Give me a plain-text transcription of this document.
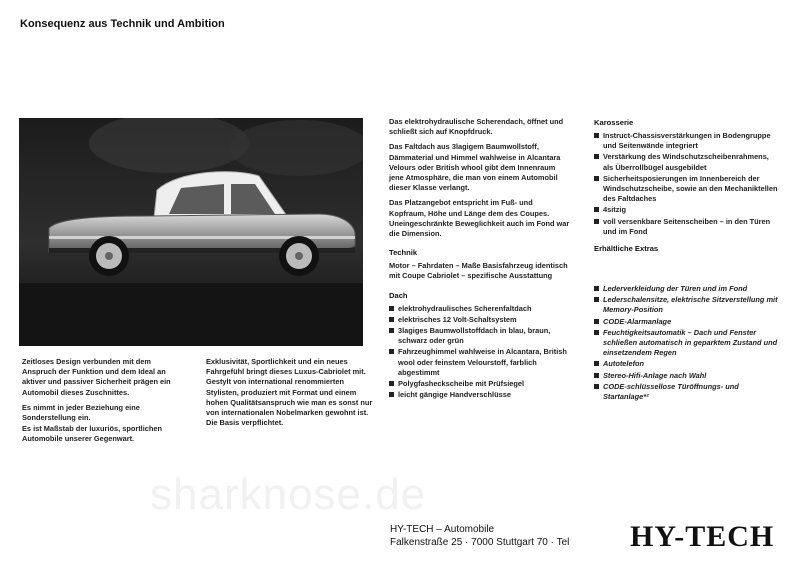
Konsequenz aus Technik und Ambition

Zeitloses Design verbunden mit dem Anspruch der Funktion und dem Ideal an aktiver und passiver Sicherheit prägen ein Automobil dieses Zuschnittes.

Es nimmt in jeder Beziehung eine Sonderstellung ein.

Es ist Maßstab der luxuriös, sportlichen Automobile unserer Gegenwart.

Exklusivität, Sportlichkeit und ein neues Fahrgefühl bringt dieses Luxus-Cabriolet mit. Gestylt von international renommierten Stylisten, produziert mit Format und einem hohen Qualitätsanspruch wie man es sonst nur von internationalen Nobelmarken gewohnt ist. Die Basis verpflichtet.

Das elektrohydraulische Scherendach, öffnet und schließt sich auf Knopfdruck.

Das Faltdach aus 3lagigem Baumwollstoff, Dämmaterial und Himmel wahlweise in Alcantara Velours oder British whool gibt dem Innenraum jene Atmosphäre, die man von einem Automobil dieser Klasse verlangt.

Das Platzangebot entspricht im Fuß- und Kopfraum, Höhe und Länge dem des Coupes. Uneingeschränkte Beweglichkeit auch im Fond war die Dimension.

Technik

Motor – Fahrdaten – Maße Basisfahrzeug identisch mit Coupe Cabriolet – spezifische Ausstattung

Dach
elektrohydraulisches Scherenfaltdach
elektrisches 12 Volt-Schaltsystem
3lagiges Baumwollstoffdach in blau, braun, schwarz oder grün
Fahrzeughimmel wahlweise in Alcantara, British wool oder feinstem Velourstoff, farblich abgestimmt
Polygfasheckscheibe mit Prüfsiegel
leicht gängige Handverschlüsse
Karosserie
Instruct-Chassisverstärkungen in Bodengruppe und Seitenwände integriert
Verstärkung des Windschutzscheibenrahmens, als Überrollbügel ausgebildet
Sicherheitsposierungen im Innenbereich der Windschutzscheibe, sowie an den Mechaniktellen des Faltdaches
4sitzig
voll versenkbare Seitenscheiben – in den Türen und im Fond
Erhältliche Extras
Lederverkleidung der Türen und im Fond
Lederschalensitze, elektrische Sitzverstellung mit Memory-Position
CODE-Alarmanlage
Feuchtigkeitsautomatik – Dach und Fenster schließen automatisch in geparktem Zustand und einsetzendem Regen
Autotelefon
Stereo-Hifi-Anlage nach Wahl
CODE-schlüssellose Türöffnungs- und Startanlage*²
sharknose.de
HY-TECH – Automobile
Falkenstraße 25 · 7000 Stuttgart 70 · Tel HY-TECH
